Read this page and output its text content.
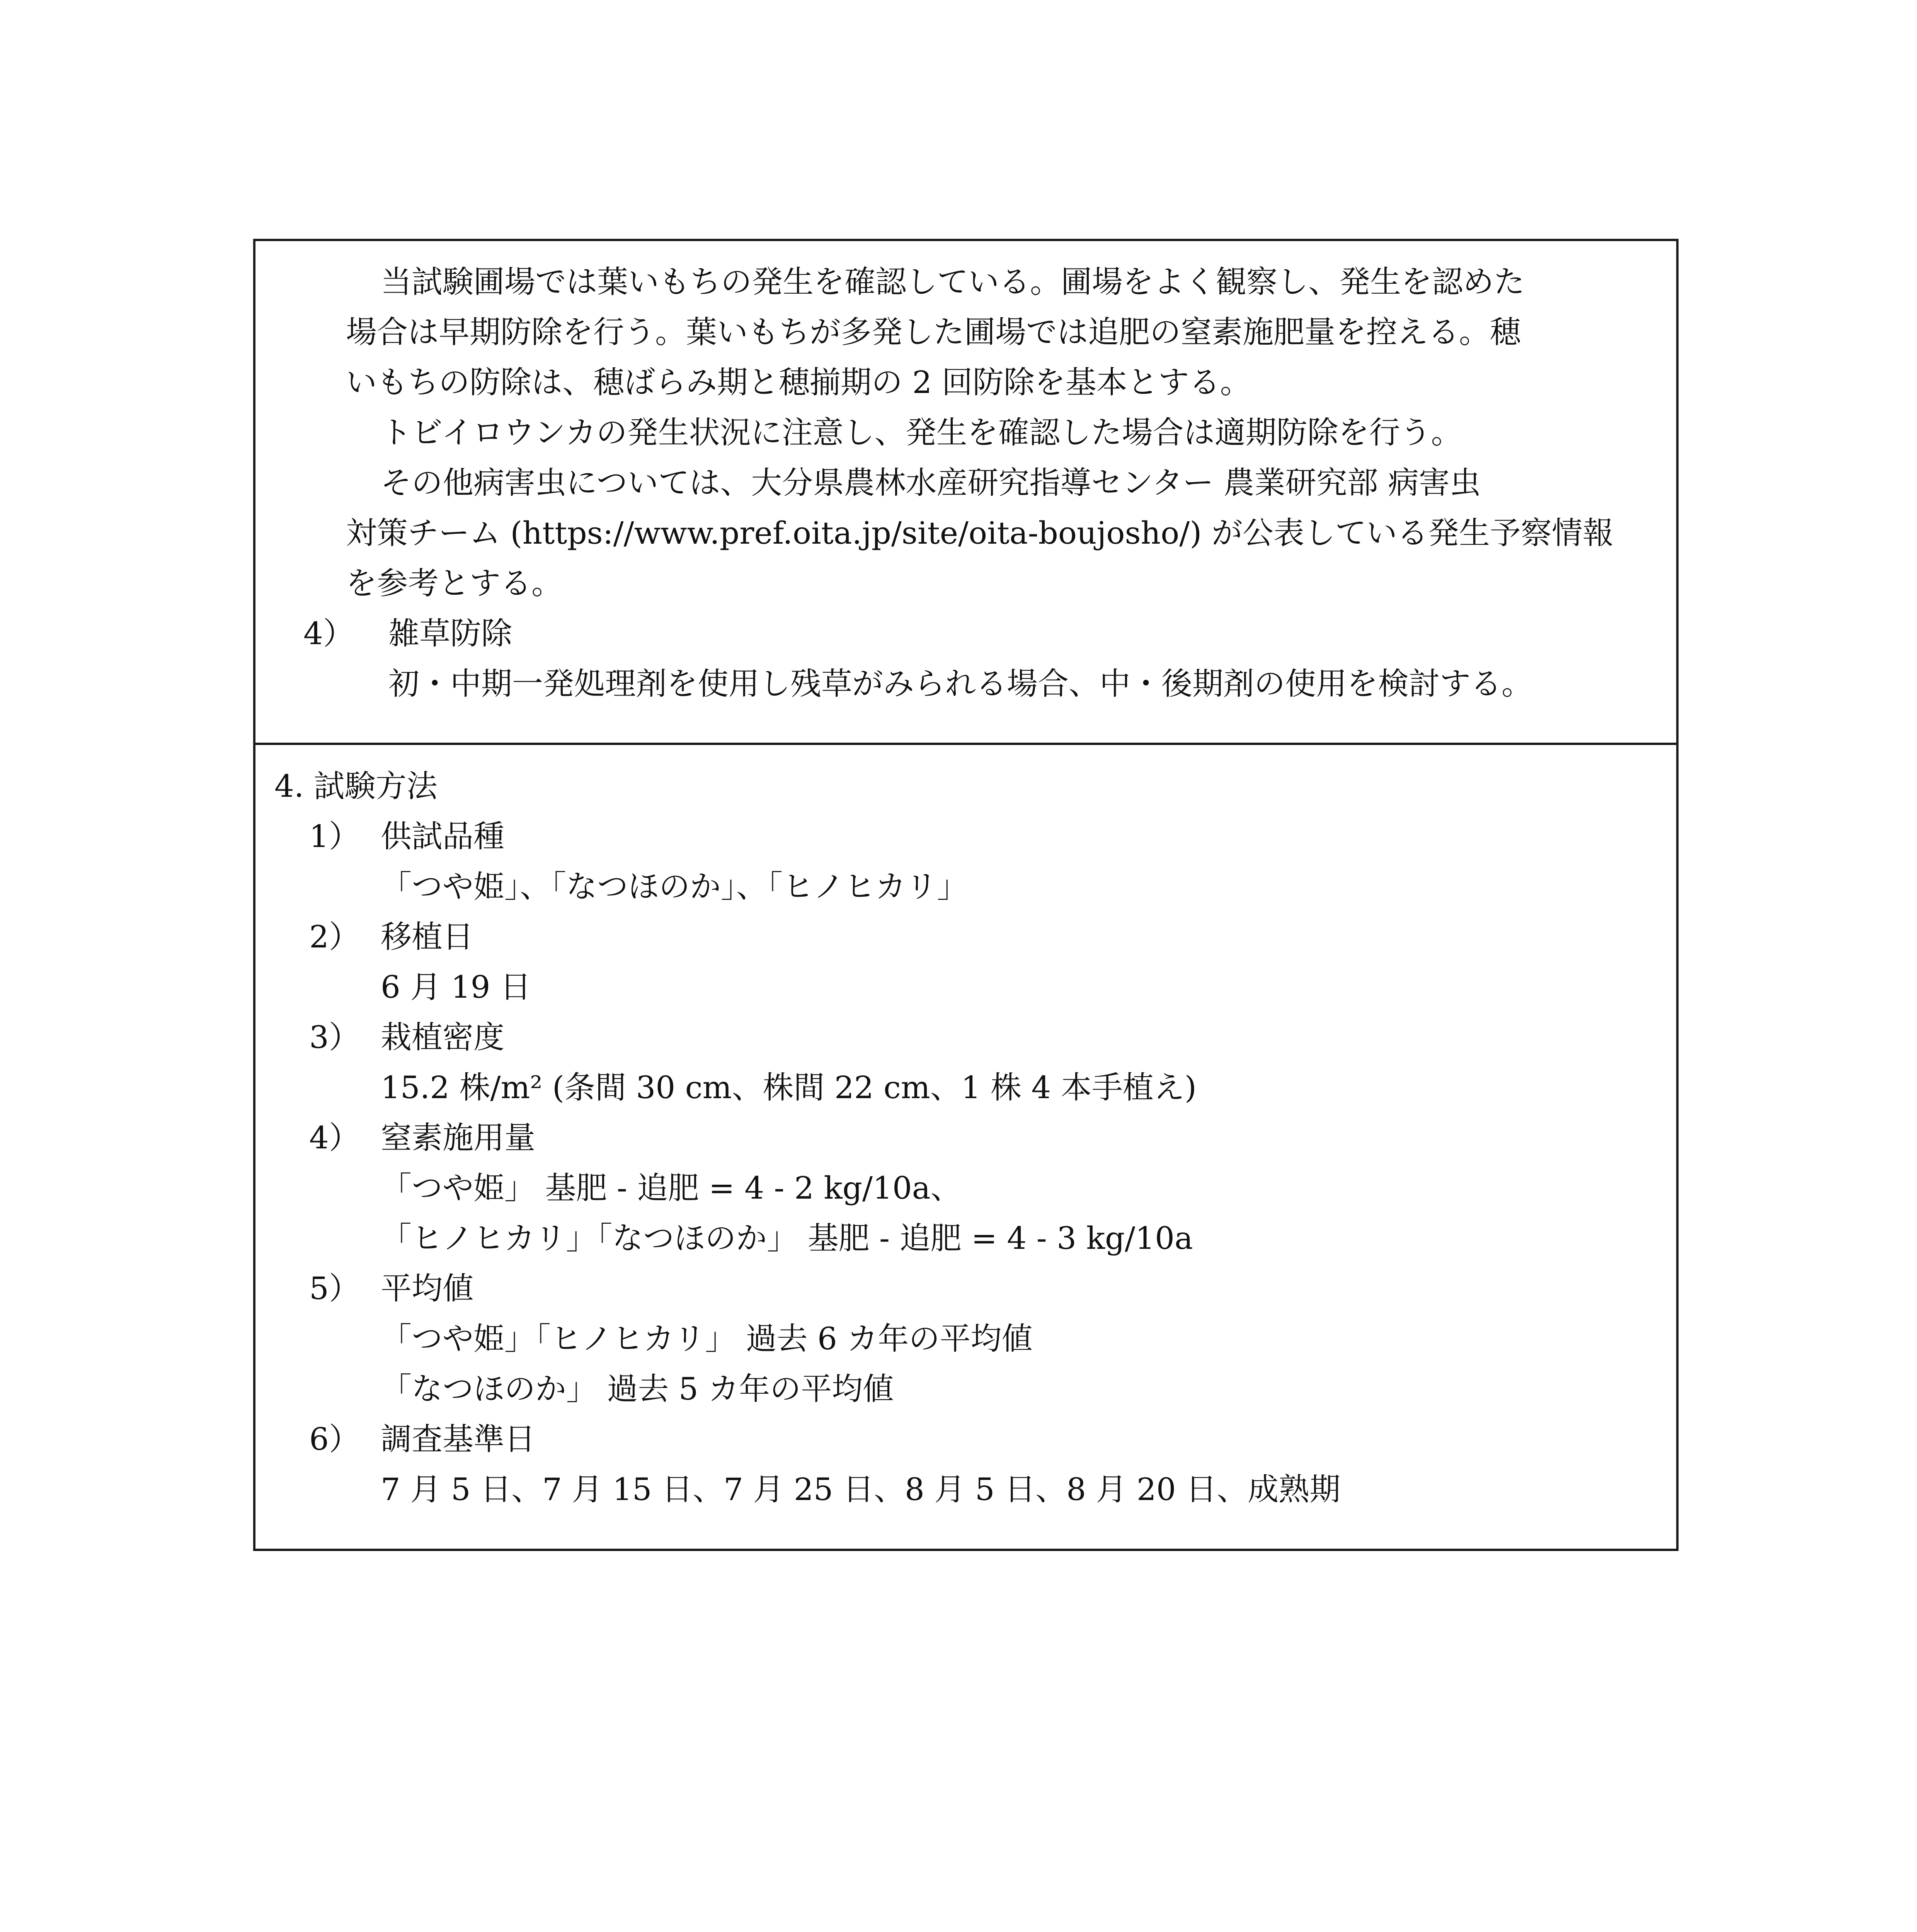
当試験圃場では葉いもちの発生を確認している。圃場をよく観察し、発生を認めた
場合は早期防除を行う。葉いもちが多発した圃場では追肥の窒素施肥量を控える。穂
いもちの防除は、穂ばらみ期と穂揃期の 2 回防除を基本とする。
トビイロウンカの発生状況に注意し、発生を確認した場合は適期防除を行う。
その他病害虫については、大分県農林水産研究指導センター 農業研究部 病害虫
対策チーム (https://www.pref.oita.jp/site/oita-boujosho/) が公表している発生予察情報
を参考とする。
4） 雑草防除
初・中期一発処理剤を使用し残草がみられる場合、中・後期剤の使用を検討する。
4. 試験方法
1） 供試品種
「つや姫」、「なつほのか」、「ヒノヒカリ」
2） 移植日
6 月 19 日
3） 栽植密度
15.2 株/m² (条間 30 cm、株間 22 cm、1 株 4 本手植え)
4） 窒素施用量
「つや姫」 基肥 - 追肥 = 4 - 2 kg/10a、
「ヒノヒカリ」「なつほのか」 基肥 - 追肥 = 4 - 3 kg/10a
5） 平均値
「つや姫」「ヒノヒカリ」 過去 6 カ年の平均値
「なつほのか」 過去 5 カ年の平均値
6） 調査基準日
7 月 5 日、7 月 15 日、7 月 25 日、8 月 5 日、8 月 20 日、成熟期
